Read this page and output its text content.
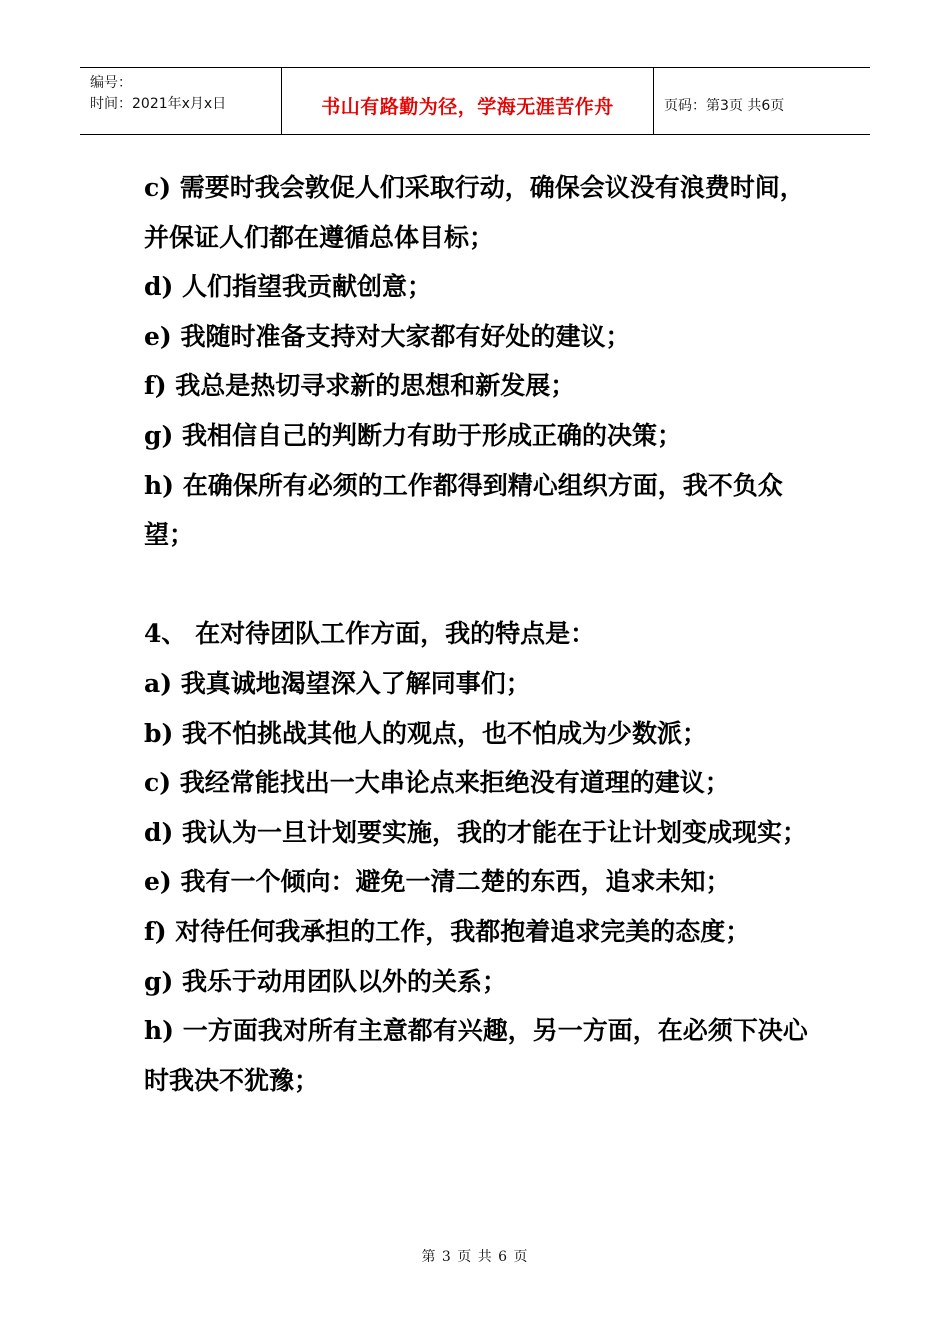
编号：
时间：2021年x月x日	书山有路勤为径，学海无涯苦作舟	页码：第3页 共6页

c) 需要时我会敦促人们采取行动，确保会议没有浪费时间，并保证人们都在遵循总体目标；

d) 人们指望我贡献创意；

e) 我随时准备支持对大家都有好处的建议；

f) 我总是热切寻求新的思想和新发展；

g) 我相信自己的判断力有助于形成正确的决策；

h) 在确保所有必须的工作都得到精心组织方面，我不负众望；

4、 在对待团队工作方面，我的特点是：

a) 我真诚地渴望深入了解同事们；

b) 我不怕挑战其他人的观点，也不怕成为少数派；

c) 我经常能找出一大串论点来拒绝没有道理的建议；

d) 我认为一旦计划要实施，我的才能在于让计划变成现实；

e) 我有一个倾向：避免一清二楚的东西，追求未知；

f) 对待任何我承担的工作，我都抱着追求完美的态度；

g) 我乐于动用团队以外的关系；

h) 一方面我对所有主意都有兴趣，另一方面，在必须下决心时我决不犹豫；

第 3 页 共 6 页
